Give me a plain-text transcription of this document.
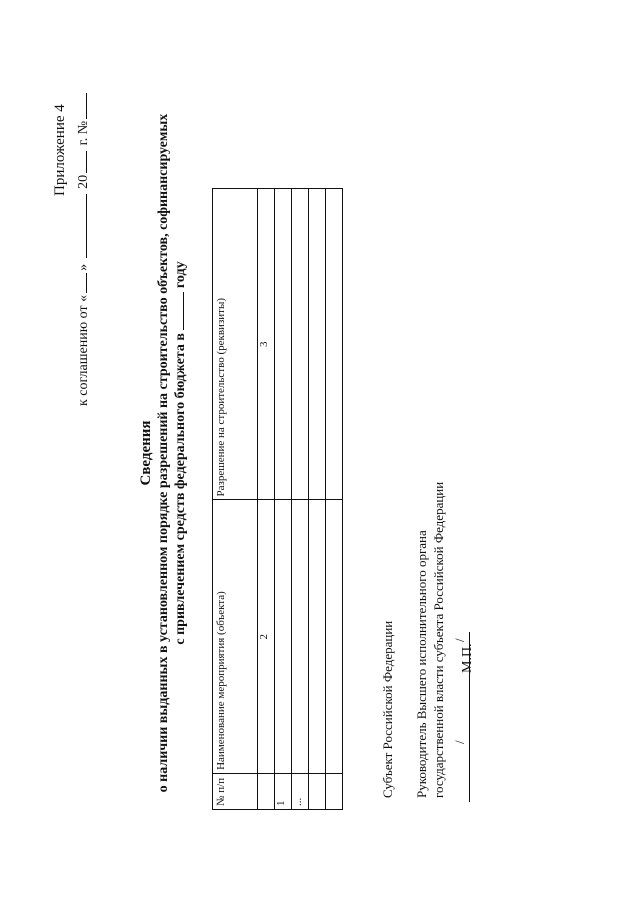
Приложение 4
к соглашению от «»  20 г. №
Сведения о наличии выданных в установленном порядке разрешений на строительство объектов, софинансируемых с привлечением средств федерального бюджета в  году
№ п/п	Наименование мероприятия (объекта)	Разрешение на строительство (реквизиты)
	2	3
1		
...		

Субъект Российской Федерации Руководитель Высшего исполнительного органа государственной власти субъекта Российской Федерации /
/
М.П.
